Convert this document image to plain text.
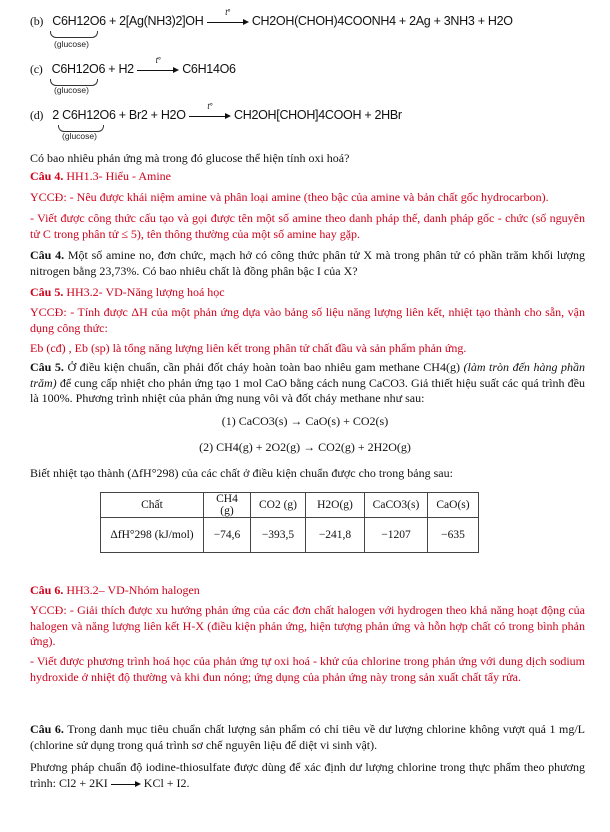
(b) C6H12O6 + 2[Ag(NH3)2]OH
t°
CH2OH(CHOH)4COONH4 + 2Ag + 3NH3 + H2O
(glucose)
(c) C6H12O6 + H2
t°
C6H14O6
(glucose)
(d) 2 C6H12O6 + Br2 + H2O
t°
CH2OH[CHOH]4COOH + 2HBr
(glucose)
Có bao nhiêu phản ứng mà trong đó glucose thể hiện tính oxi hoá?
Câu 4. HH1.3- Hiểu - Amine
YCCĐ: - Nêu được khái niệm amine và phân loại amine (theo bậc của amine và bản chất gốc hydrocarbon).
- Viết được công thức cấu tạo và gọi được tên một số amine theo danh pháp thế, danh pháp gốc - chức (số nguyên tử C trong phân tử ≤ 5), tên thông thường của một số amine hay gặp.
Câu 4. Một số amine no, đơn chức, mạch hở có công thức phân tử X mà trong phân tử có phần trăm khối lượng nitrogen bằng 23,73%. Có bao nhiêu chất là đồng phân bậc I của X?
Câu 5. HH3.2- VD-Năng lượng hoá học
YCCĐ: - Tính được ΔH của một phản ứng dựa vào bảng số liệu năng lượng liên kết, nhiệt tạo thành cho sẵn, vận dụng công thức:
Eb (cđ) , Eb (sp) là tổng năng lượng liên kết trong phân tử chất đầu và sản phẩm phản ứng.
Câu 5. Ở điều kiện chuẩn, cần phải đốt cháy hoàn toàn bao nhiêu gam methane CH4(g) (làm tròn đến hàng phần trăm) để cung cấp nhiệt cho phản ứng tạo 1 mol CaO bằng cách nung CaCO3. Giả thiết hiệu suất các quá trình đều là 100%. Phương trình nhiệt của phản ứng nung vôi và đốt cháy methane như sau:
(1) CaCO3(s) → CaO(s) + CO2(s)
(2) CH4(g) + 2O2(g) → CO2(g) + 2H2O(g)
Biết nhiệt tạo thành (ΔfH°298) của các chất ở điều kiện chuẩn được cho trong bảng sau:
Chất	CH4 (g)	CO2 (g)	H2O(g)	CaCO3(s)	CaO(s)
ΔfH°298 (kJ/mol)	−74,6	−393,5	−241,8	−1207	−635
Câu 6. HH3.2– VD-Nhóm halogen
YCCĐ: - Giải thích được xu hướng phản ứng của các đơn chất halogen với hydrogen theo khả năng hoạt động của halogen và năng lượng liên kết H-X (điều kiện phản ứng, hiện tượng phản ứng và hỗn hợp chất có trong bình phản ứng).
- Viết được phương trình hoá học của phản ứng tự oxi hoá - khử của chlorine trong phản ứng với dung dịch sodium hydroxide ở nhiệt độ thường và khi đun nóng; ứng dụng của phản ứng này trong sản xuất chất tẩy rửa.
Câu 6. Trong danh mục tiêu chuẩn chất lượng sản phẩm có chỉ tiêu về dư lượng chlorine không vượt quá 1 mg/L (chlorine sử dụng trong quá trình sơ chế nguyên liệu để diệt vi sinh vật).
Phương pháp chuẩn độ iodine-thiosulfate được dùng để xác định dư lượng chlorine trong thực phẩm theo phương trình: Cl2 + 2KI	KCl + I2.
